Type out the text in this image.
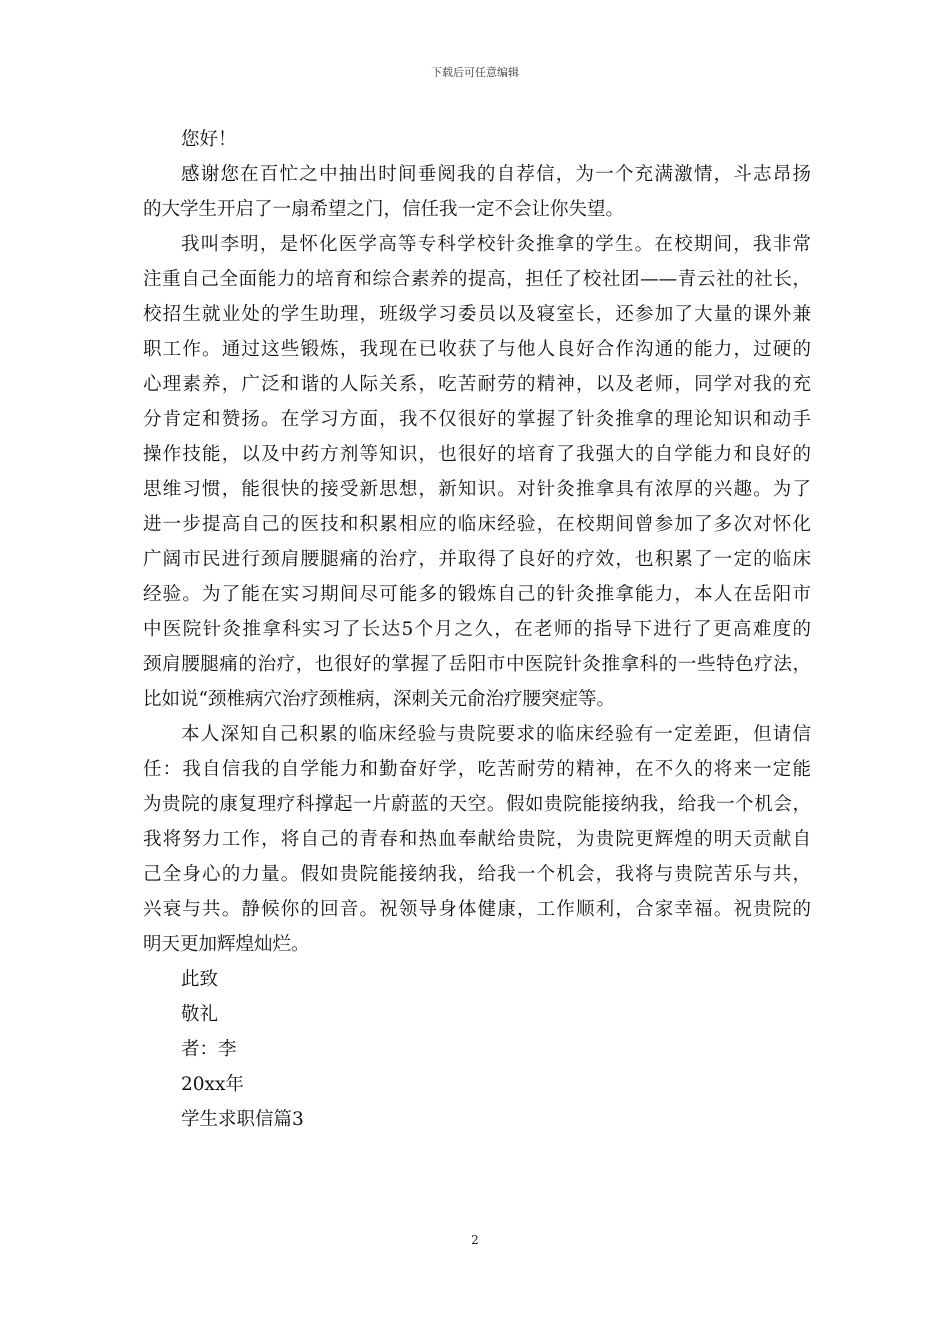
下载后可任意编辑
您好！
感谢您在百忙之中抽出时间垂阅我的自荐信，为一个充满激情，斗志昂扬
的大学生开启了一扇希望之门，信任我一定不会让你失望。
我叫李明，是怀化医学高等专科学校针灸推拿的学生。在校期间，我非常
注重自己全面能力的培育和综合素养的提高，担任了校社团——青云社的社长，
校招生就业处的学生助理，班级学习委员以及寝室长，还参加了大量的课外兼
职工作。通过这些锻炼，我现在已收获了与他人良好合作沟通的能力，过硬的
心理素养，广泛和谐的人际关系，吃苦耐劳的精神，以及老师，同学对我的充
分肯定和赞扬。在学习方面，我不仅很好的掌握了针灸推拿的理论知识和动手
操作技能，以及中药方剂等知识，也很好的培育了我强大的自学能力和良好的
思维习惯，能很快的接受新思想，新知识。对针灸推拿具有浓厚的兴趣。为了
进一步提高自己的医技和积累相应的临床经验，在校期间曾参加了多次对怀化
广阔市民进行颈肩腰腿痛的治疗，并取得了良好的疗效，也积累了一定的临床
经验。为了能在实习期间尽可能多的锻炼自己的针灸推拿能力，本人在岳阳市
中医院针灸推拿科实习了长达5个月之久，在老师的指导下进行了更高难度的
颈肩腰腿痛的治疗，也很好的掌握了岳阳市中医院针灸推拿科的一些特色疗法，
比如说“颈椎病穴治疗颈椎病，深刺关元俞治疗腰突症等。
本人深知自己积累的临床经验与贵院要求的临床经验有一定差距，但请信
任：我自信我的自学能力和勤奋好学，吃苦耐劳的精神，在不久的将来一定能
为贵院的康复理疗科撑起一片蔚蓝的天空。假如贵院能接纳我，给我一个机会，
我将努力工作，将自己的青春和热血奉献给贵院，为贵院更辉煌的明天贡献自
己全身心的力量。假如贵院能接纳我，给我一个机会，我将与贵院苦乐与共，
兴衰与共。静候你的回音。祝领导身体健康，工作顺利，合家幸福。祝贵院的
明天更加辉煌灿烂。
此致
敬礼
者：李
20xx年
学生求职信篇3
2
